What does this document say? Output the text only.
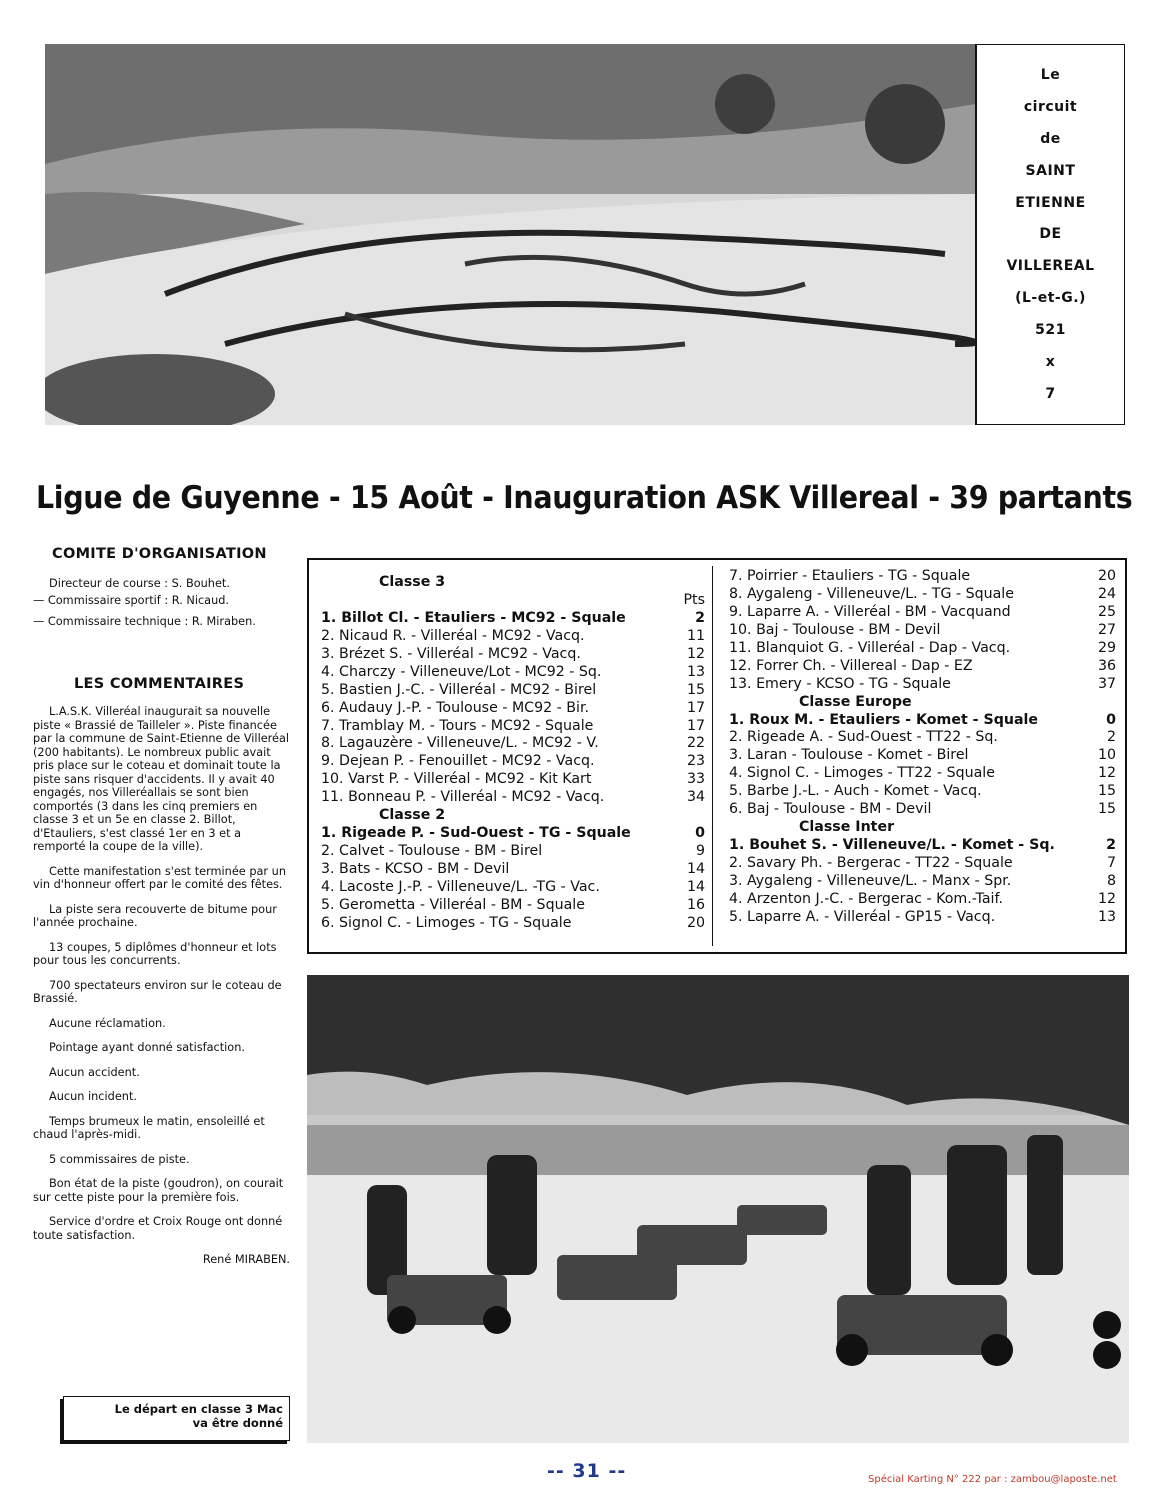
Le
circuit
de
SAINT
ETIENNE
DE
VILLEREAL
(L-et-G.)
521
x
7
Ligue de Guyenne - 15 Août - Inauguration ASK Villereal - 39 partants
COMITE D'ORGANISATION

Directeur de course : S. Bouhet.

— Commissaire sportif : R. Nicaud.

— Commissaire technique : R. Miraben.

LES COMMENTAIRES

L.A.S.K. Villeréal inaugurait sa nouvelle piste « Brassié de Tailleler ». Piste financée par la commune de Saint-Etienne de Villeréal (200 habitants). Le nombreux public avait pris place sur le coteau et dominait toute la piste sans risquer d'accidents. Il y avait 40 engagés, nos Villeréallais se sont bien comportés (3 dans les cinq premiers en classe 3 et un 5e en classe 2. Billot, d'Etauliers, s'est classé 1er en 3 et a remporté la coupe de la ville).

Cette manifestation s'est terminée par un vin d'honneur offert par le comité des fêtes.

La piste sera recouverte de bitume pour l'année prochaine.

13 coupes, 5 diplômes d'honneur et lots pour tous les concurrents.

700 spectateurs environ sur le coteau de Brassié.

Aucune réclamation.

Pointage ayant donné satisfaction.

Aucun accident.

Aucun incident.

Temps brumeux le matin, ensoleillé et chaud l'après-midi.

5 commissaires de piste.

Bon état de la piste (goudron), on courait sur cette piste pour la première fois.

Service d'ordre et Croix Rouge ont donné toute satisfaction.

René MIRABEN.

Classe 3
Pts
1. Billot Cl. - Etauliers - MC92 - Squale	2
2. Nicaud R. - Villeréal - MC92 - Vacq.	11
3. Brézet S. - Villeréal - MC92 - Vacq.	12
4. Charczy - Villeneuve/Lot - MC92 - Sq.	13
5. Bastien J.-C. - Villeréal - MC92 - Birel	15
6. Audauy J.-P. - Toulouse - MC92 - Bir.	17
7. Tramblay M. - Tours - MC92 - Squale	17
8. Lagauzère - Villeneuve/L. - MC92 - V.	22
9. Dejean P. - Fenouillet - MC92 - Vacq.	23
10. Varst P. - Villeréal - MC92 - Kit Kart	33
11. Bonneau P. - Villeréal - MC92 - Vacq.	34
Classe 2
1. Rigeade P. - Sud-Ouest - TG - Squale	0
2. Calvet - Toulouse - BM - Birel	9
3. Bats - KCSO - BM - Devil	14
4. Lacoste J.-P. - Villeneuve/L. -TG - Vac.	14
5. Gerometta - Villeréal - BM - Squale	16
6. Signol C. - Limoges - TG - Squale	20
7. Poirrier - Etauliers - TG - Squale	20
8. Aygaleng - Villeneuve/L. - TG - Squale	24
9. Laparre A. - Villeréal - BM - Vacquand	25
10. Baj - Toulouse - BM - Devil	27
11. Blanquiot G. - Villeréal - Dap - Vacq.	29
12. Forrer Ch. - Villereal - Dap - EZ	36
13. Emery - KCSO - TG - Squale	37
Classe Europe
1. Roux M. - Etauliers - Komet - Squale	0
2. Rigeade A. - Sud-Ouest - TT22 - Sq.	2
3. Laran - Toulouse - Komet - Birel	10
4. Signol C. - Limoges - TT22 - Squale	12
5. Barbe J.-L. - Auch - Komet - Vacq.	15
6. Baj - Toulouse - BM - Devil	15
Classe Inter
1. Bouhet S. - Villeneuve/L. - Komet - Sq.	2
2. Savary Ph. - Bergerac - TT22 - Squale	7
3. Aygaleng - Villeneuve/L. - Manx - Spr.	8
4. Arzenton J.-C. - Bergerac - Kom.-Taif.	12
5. Laparre A. - Villeréal - GP15 - Vacq.	13
Le départ en classe 3 Mac
va être donné
-- 31 --	Spécial Karting N° 222 par : zambou@laposte.net
